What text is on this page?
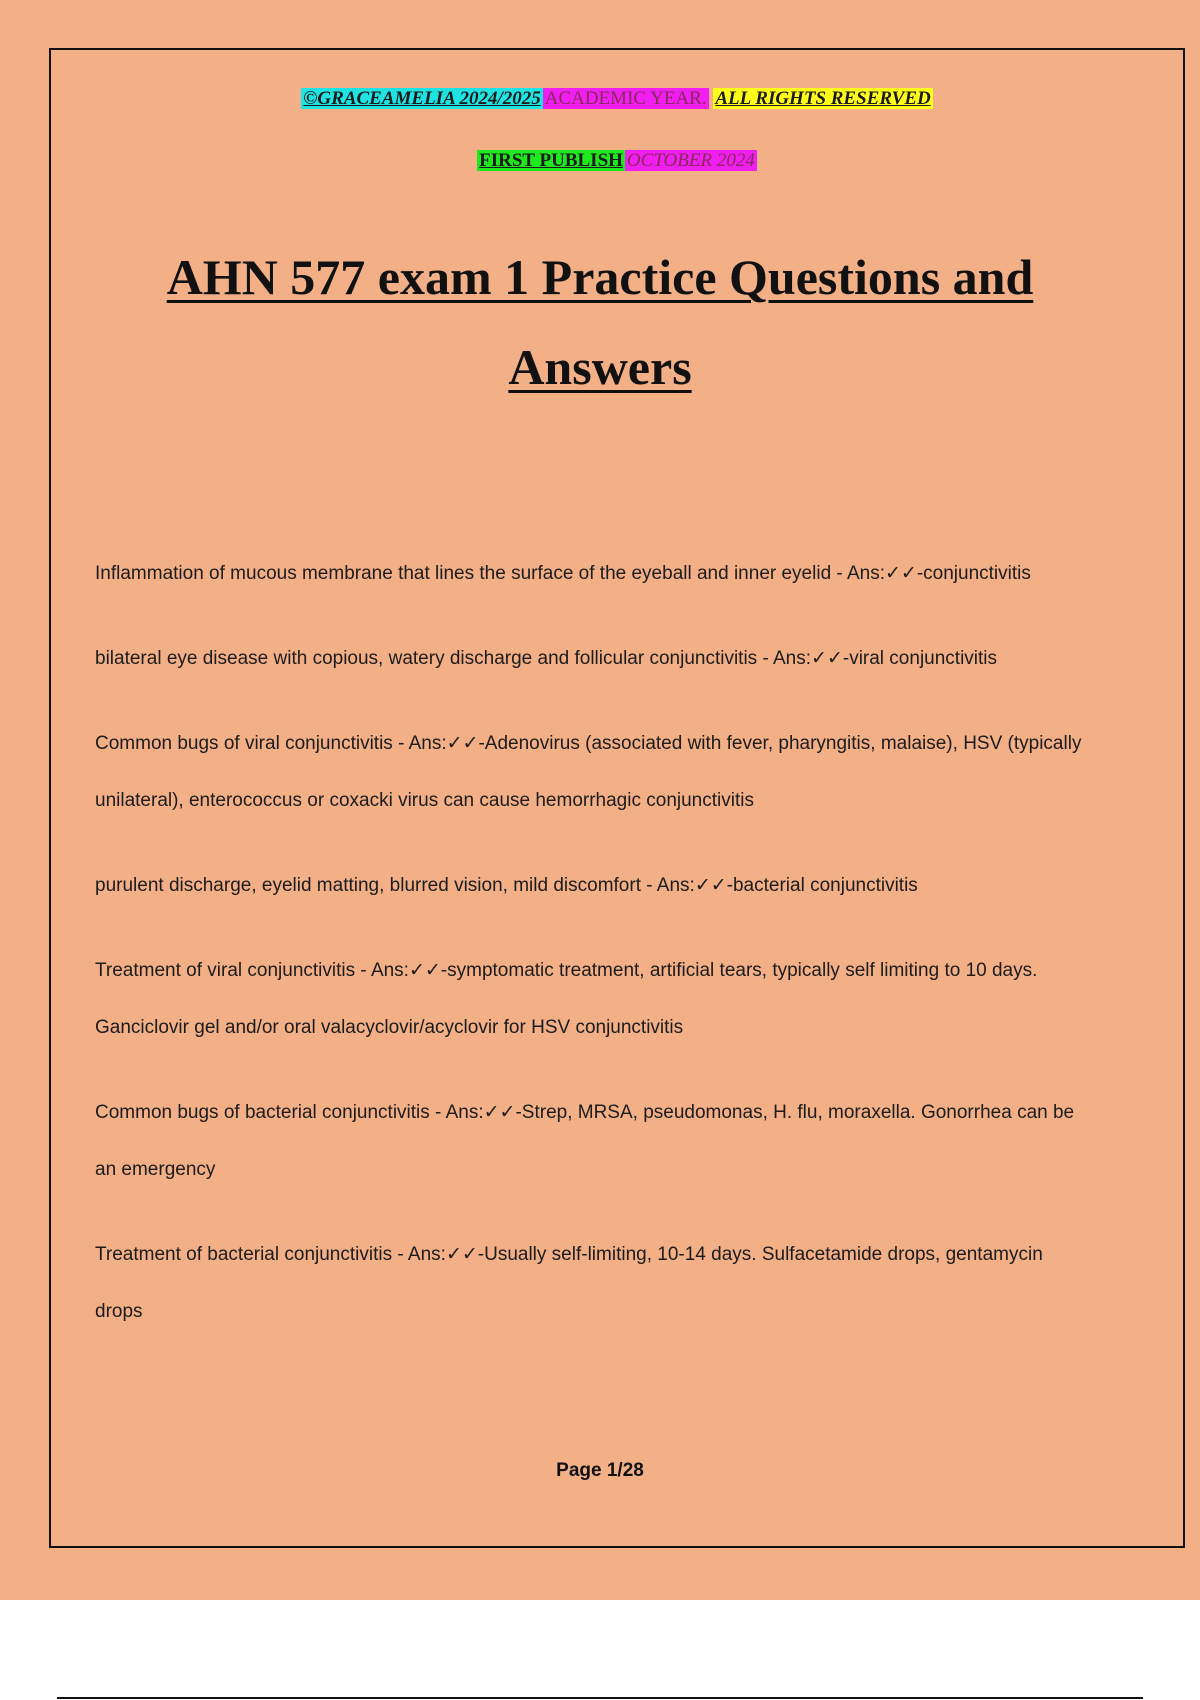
©GRACEAMELIA 2024/2025 ACADEMIC YEAR. ALL RIGHTS RESERVED
FIRST PUBLISH OCTOBER 2024
AHN 577 exam 1 Practice Questions and
Answers
Inflammation of mucous membrane that lines the surface of the eyeball and inner eyelid - Ans:✓✓-conjunctivitis
bilateral eye disease with copious, watery discharge and follicular conjunctivitis - Ans:✓✓-viral conjunctivitis
Common bugs of viral conjunctivitis - Ans:✓✓-Adenovirus (associated with fever, pharyngitis, malaise), HSV (typically unilateral), enterococcus or coxacki virus can cause hemorrhagic conjunctivitis
purulent discharge, eyelid matting, blurred vision, mild discomfort - Ans:✓✓-bacterial conjunctivitis
Treatment of viral conjunctivitis - Ans:✓✓-symptomatic treatment, artificial tears, typically self limiting to 10 days. Ganciclovir gel and/or oral valacyclovir/acyclovir for HSV conjunctivitis
Common bugs of bacterial conjunctivitis - Ans:✓✓-Strep, MRSA, pseudomonas, H. flu, moraxella. Gonorrhea can be an emergency
Treatment of bacterial conjunctivitis - Ans:✓✓-Usually self-limiting, 10-14 days. Sulfacetamide drops, gentamycin drops
Page 1/28
